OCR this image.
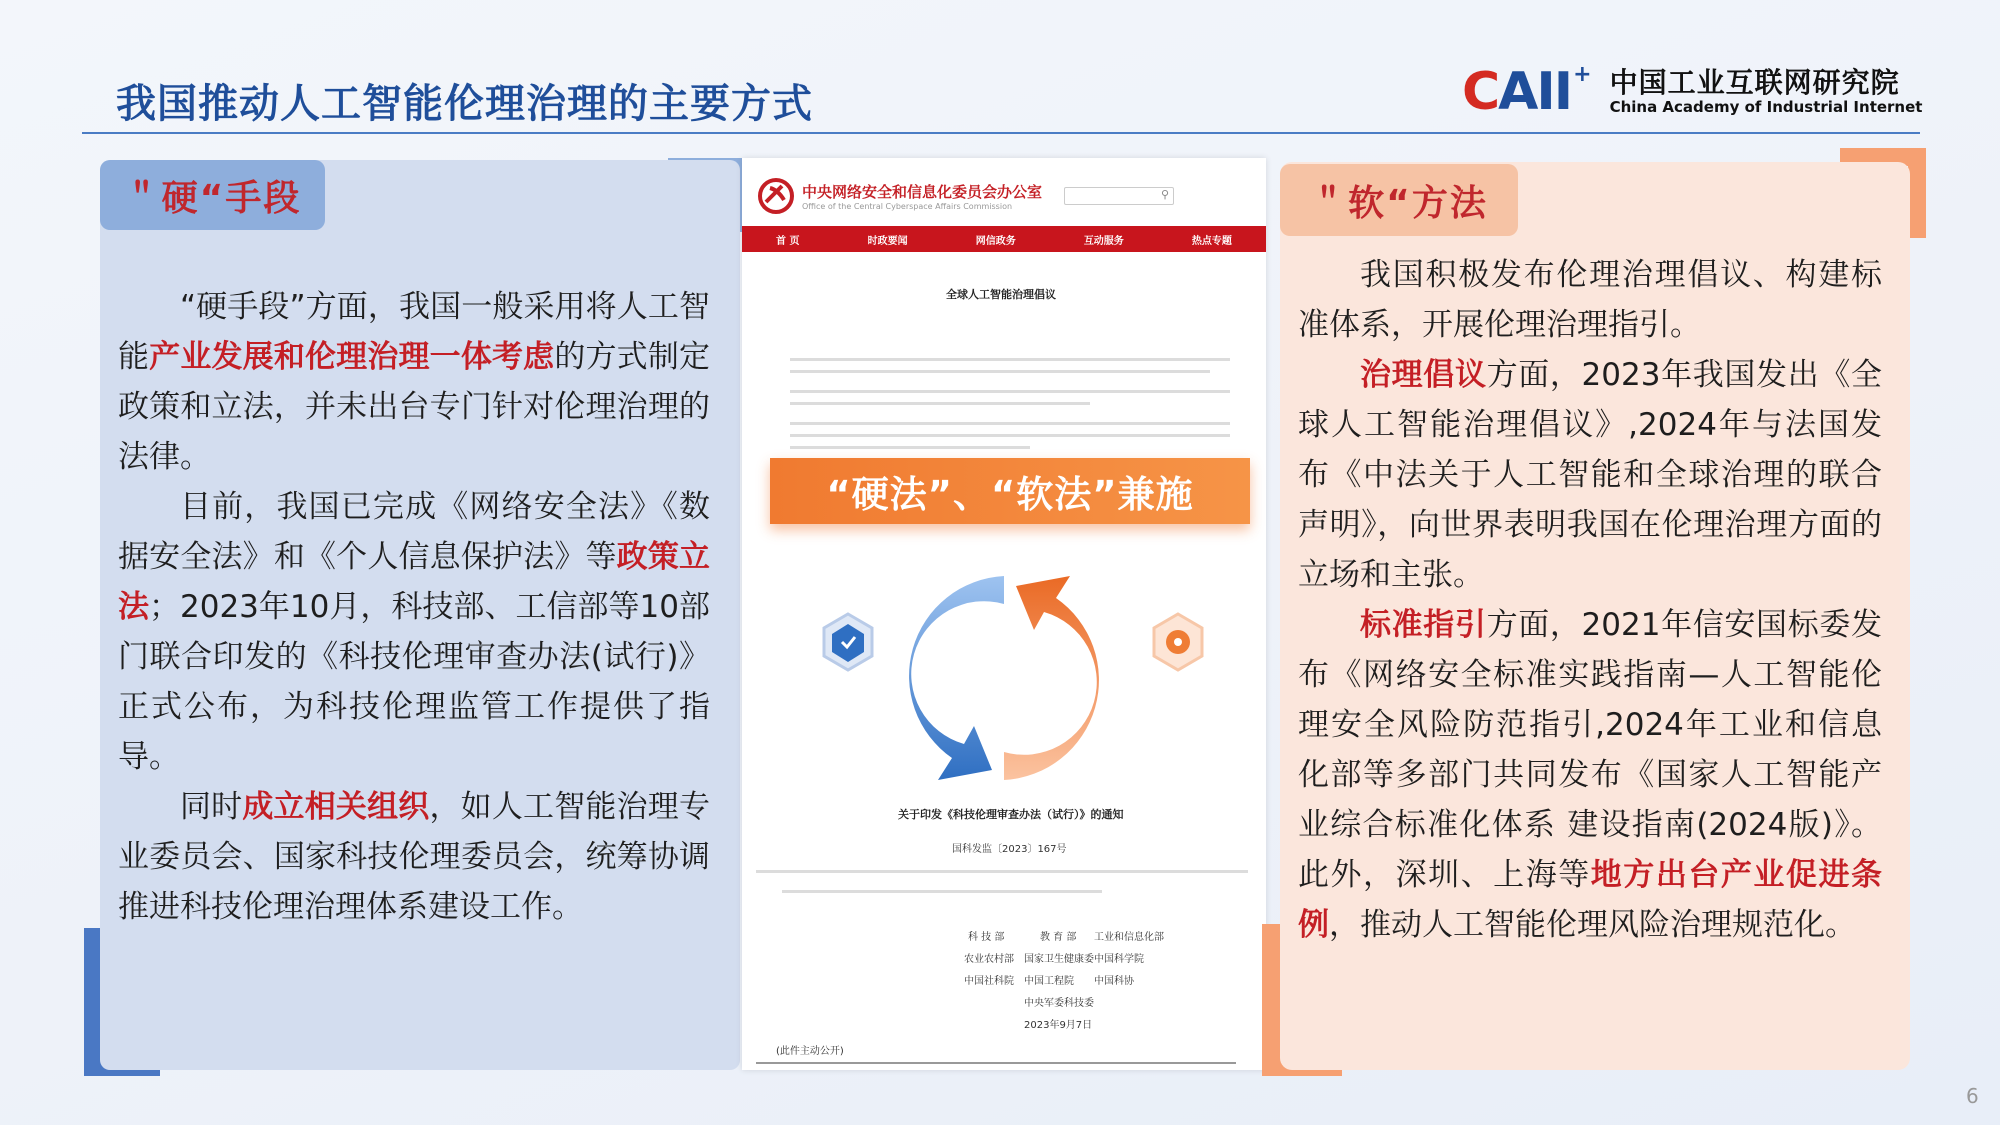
我国推动人工智能伦理治理的主要方式	CAII + 中国工业互联网研究院
China Academy of Industrial Internet
＂硬“手段

“硬手段”方面，我国一般采用将人工智能产业发展和伦理治理一体考虑的方式制定政策和立法，并未出台专门针对伦理治理的法律。

目前，我国已完成《网络安全法》《数据安全法》和《个人信息保护法》等政策立法；2023年10月，科技部、工信部等10部门联合印发的《科技伦理审查办法(试行)》 正式公布，为科技伦理监管工作提供了指导。

同时成立相关组织，如人工智能治理专业委员会、国家科技伦理委员会，统筹协调推进科技伦理治理体系建设工作。

中央网络安全和信息化委员会办公室
Office of the Central Cyberspace Affairs Commission
⚲
首 页	时政要闻	网信政务	互动服务	热点专题
全球人工智能治理倡议
关于印发《科技伦理审查办法（试行）》的通知
国科发监〔2023〕167号
科 技 部	教 育 部 工业和信息化部
农业农村部 国家卫生健康委 中国科学院
中国社科院 中国工程院 中国科协
中央军委科技委
2023年9月7日
(此件主动公开)
“硬法”、“软法”兼施
＂软“方法

我国积极发布伦理治理倡议、构建标准体系，开展伦理治理指引。

治理倡议方面，2023年我国发出《全球人工智能治理倡议》,2024年与法国发布《中法关于人工智能和全球治理的联合声明》，向世界表明我国在伦理治理方面的立场和主张。

标准指引方面，2021年信安国标委发布《网络安全标准实践指南—人工智能伦理安全风险防范指引,2024年工业和信息化部等多部门共同发布《国家人工智能产业综合标准化体系 建设指南(2024版)》。此外，深圳、上海等地方出台产业促进条例，推动人工智能伦理风险治理规范化。

6
